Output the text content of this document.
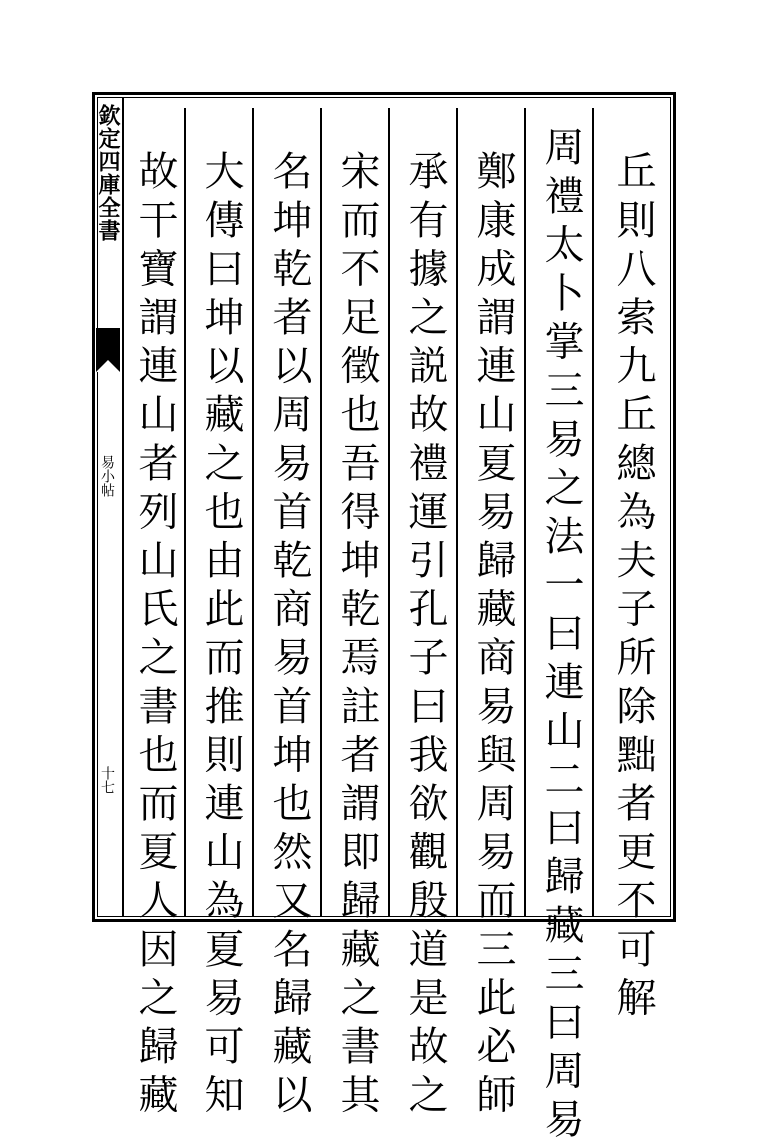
欽定四庫全書
易小帖
十七	丘則八索九丘總為夫子所除黜者更不可解
周禮太卜掌三易之法一曰連山二曰歸藏三曰周易
鄭康成謂連山夏易歸藏商易與周易而三此必師
承有據之説故禮運引孔子曰我欲觀殷道是故之
宋而不足徵也吾得坤乾焉註者謂即歸藏之書其
名坤乾者以周易首乾商易首坤也然又名歸藏以
大傳曰坤以藏之也由此而推則連山為夏易可知
故干寶謂連山者列山氏之書也而夏人因之歸藏
